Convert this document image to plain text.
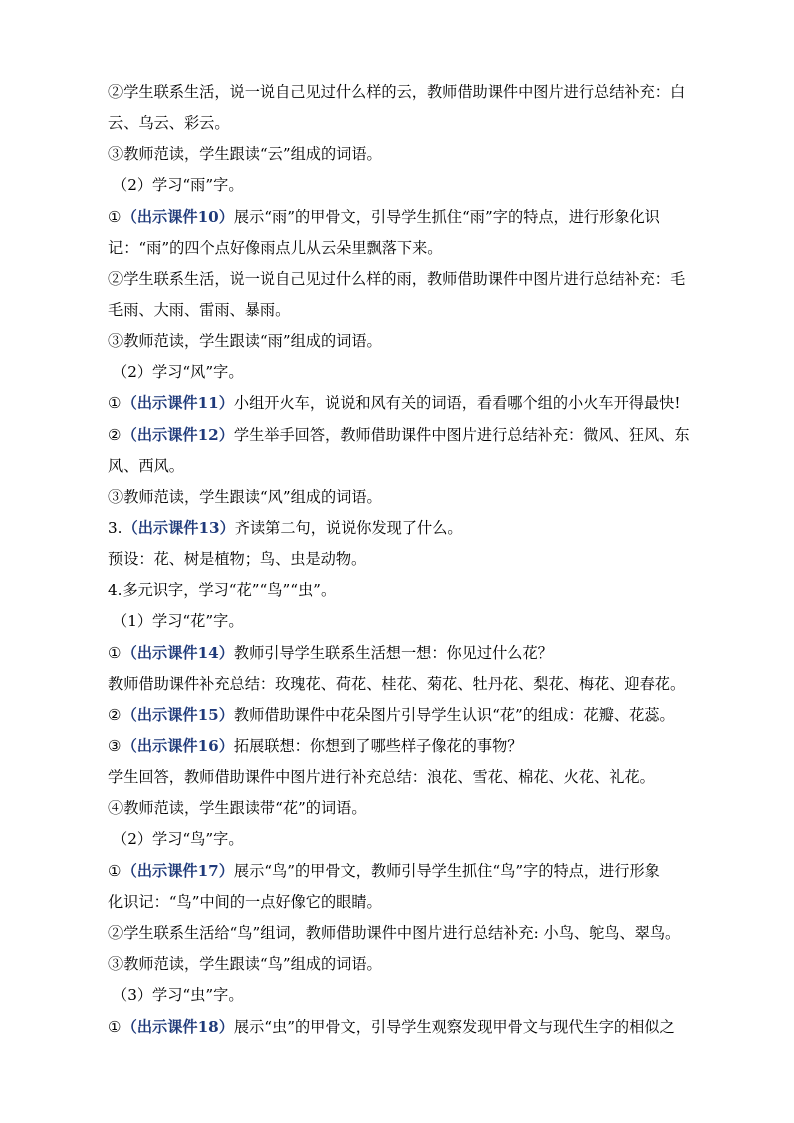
②学生联系生活，说一说自己见过什么样的云，教师借助课件中图片进行总结补充：白
云、乌云、彩云。
③教师范读，学生跟读“云”组成的词语。
（2）学习“雨”字。
①（出示课件10）展示“雨”的甲骨文，引导学生抓住“雨”字的特点，进行形象化识
记：“雨”的四个点好像雨点儿从云朵里飘落下来。
②学生联系生活，说一说自己见过什么样的雨，教师借助课件中图片进行总结补充：毛
毛雨、大雨、雷雨、暴雨。
③教师范读，学生跟读“雨”组成的词语。
（2）学习“风”字。
①（出示课件11）小组开火车，说说和风有关的词语，看看哪个组的小火车开得最快!
②（出示课件12）学生举手回答，教师借助课件中图片进行总结补充：微风、狂风、东
风、西风。
③教师范读，学生跟读“风”组成的词语。
3.（出示课件13）齐读第二句，说说你发现了什么。
预设：花、树是植物；鸟、虫是动物。
4.多元识字，学习“花”“鸟”“虫”。
（1）学习“花”字。
①（出示课件14）教师引导学生联系生活想一想：你见过什么花？
教师借助课件补充总结：玫瑰花、荷花、桂花、菊花、牡丹花、梨花、梅花、迎春花。
②（出示课件15）教师借助课件中花朵图片引导学生认识“花”的组成：花瓣、花蕊。
③（出示课件16）拓展联想：你想到了哪些样子像花的事物？
学生回答，教师借助课件中图片进行补充总结：浪花、雪花、棉花、火花、礼花。
④教师范读，学生跟读带“花”的词语。
（2）学习“鸟”字。
①（出示课件17）展示“鸟”的甲骨文，教师引导学生抓住“鸟”字的特点，进行形象
化识记：“鸟”中间的一点好像它的眼睛。
②学生联系生活给“鸟”组词，教师借助课件中图片进行总结补充: 小鸟、鸵鸟、翠鸟。
③教师范读，学生跟读“鸟”组成的词语。
（3）学习“虫”字。
①（出示课件18）展示“虫”的甲骨文，引导学生观察发现甲骨文与现代生字的相似之
